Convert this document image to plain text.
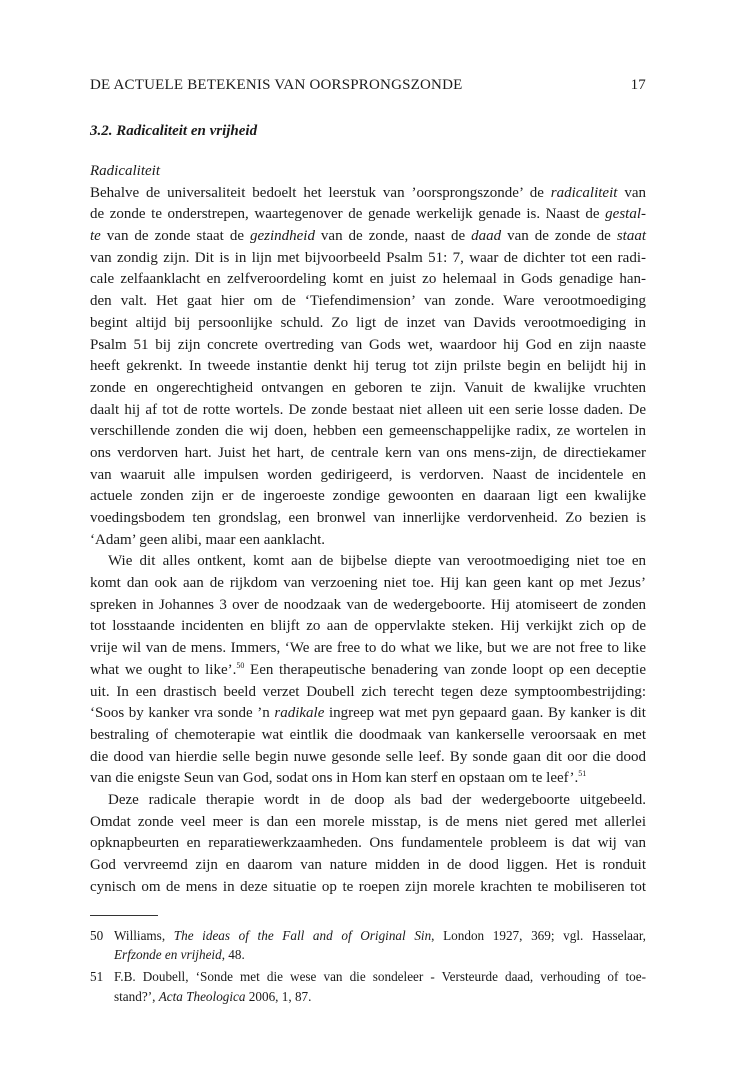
DE ACTUELE BETEKENIS VAN OORSPRONGSZONDE	17
3.2. Radicaliteit en vrijheid
Radicaliteit
Behalve de universaliteit bedoelt het leerstuk van ’oorsprongszonde’ de radicaliteit van
de zonde te onderstrepen, waartegenover de genade werkelijk genade is. Naast de gestal-
te van de zonde staat de gezindheid van de zonde, naast de daad van de zonde de staat
van zondig zijn. Dit is in lijn met bijvoorbeeld Psalm 51: 7, waar de dichter tot een radi-
cale zelfaanklacht en zelfveroordeling komt en juist zo helemaal in Gods genadige han-
den valt. Het gaat hier om de ‘Tiefendimension’ van zonde. Ware verootmoediging
begint altijd bij persoonlijke schuld. Zo ligt de inzet van Davids verootmoediging in
Psalm 51 bij zijn concrete overtreding van Gods wet, waardoor hij God en zijn naaste
heeft gekrenkt. In tweede instantie denkt hij terug tot zijn prilste begin en belijdt hij in
zonde en ongerechtigheid ontvangen en geboren te zijn. Vanuit de kwalijke vruchten
daalt hij af tot de rotte wortels. De zonde bestaat niet alleen uit een serie losse daden. De
verschillende zonden die wij doen, hebben een gemeenschappelijke radix, ze wortelen in
ons verdorven hart. Juist het hart, de centrale kern van ons mens-zijn, de directiekamer
van waaruit alle impulsen worden gedirigeerd, is verdorven. Naast de incidentele en
actuele zonden zijn er de ingeroeste zondige gewoonten en daaraan ligt een kwalijke
voedingsbodem ten grondslag, een bronwel van innerlijke verdorvenheid. Zo bezien is
‘Adam’ geen alibi, maar een aanklacht.
Wie dit alles ontkent, komt aan de bijbelse diepte van verootmoediging niet toe en
komt dan ook aan de rijkdom van verzoening niet toe. Hij kan geen kant op met Jezus’
spreken in Johannes 3 over de noodzaak van de wedergeboorte. Hij atomiseert de zonden
tot losstaande incidenten en blijft zo aan de oppervlakte steken. Hij verkijkt zich op de
vrije wil van de mens. Immers, ‘We are free to do what we like, but we are not free to like
what we ought to like’.$^{50}$ Een therapeutische benadering van zonde loopt op een deceptie
uit. In een drastisch beeld verzet Doubell zich terecht tegen deze symptoombestrijding:
‘Soos by kanker vra sonde ’n radikale ingreep wat met pyn gepaard gaan. By kanker is dit
bestraling of chemoterapie wat eintlik die doodmaak van kankerselle veroorsaak en met
die dood van hierdie selle begin nuwe gesonde selle leef. By sonde gaan dit oor die dood
van die enigste Seun van God, sodat ons in Hom kan sterf en opstaan om te leef’.$^{51}$
Deze radicale therapie wordt in de doop als bad der wedergeboorte uitgebeeld.
Omdat zonde veel meer is dan een morele misstap, is de mens niet gered met allerlei
opknapbeurten en reparatiewerkzaamheden. Ons fundamentele probleem is dat wij van
God vervreemd zijn en daarom van nature midden in de dood liggen. Het is ronduit
cynisch om de mens in deze situatie op te roepen zijn morele krachten te mobiliseren tot
50 Williams, The ideas of the Fall and of Original Sin, London 1927, 369; vgl. Hasselaar,
Erfzonde en vrijheid, 48.
51 F.B. Doubell, ‘Sonde met die wese van die sondeleer - Versteurde daad, verhouding of toe-
stand?’, Acta Theologica 2006, 1, 87.
